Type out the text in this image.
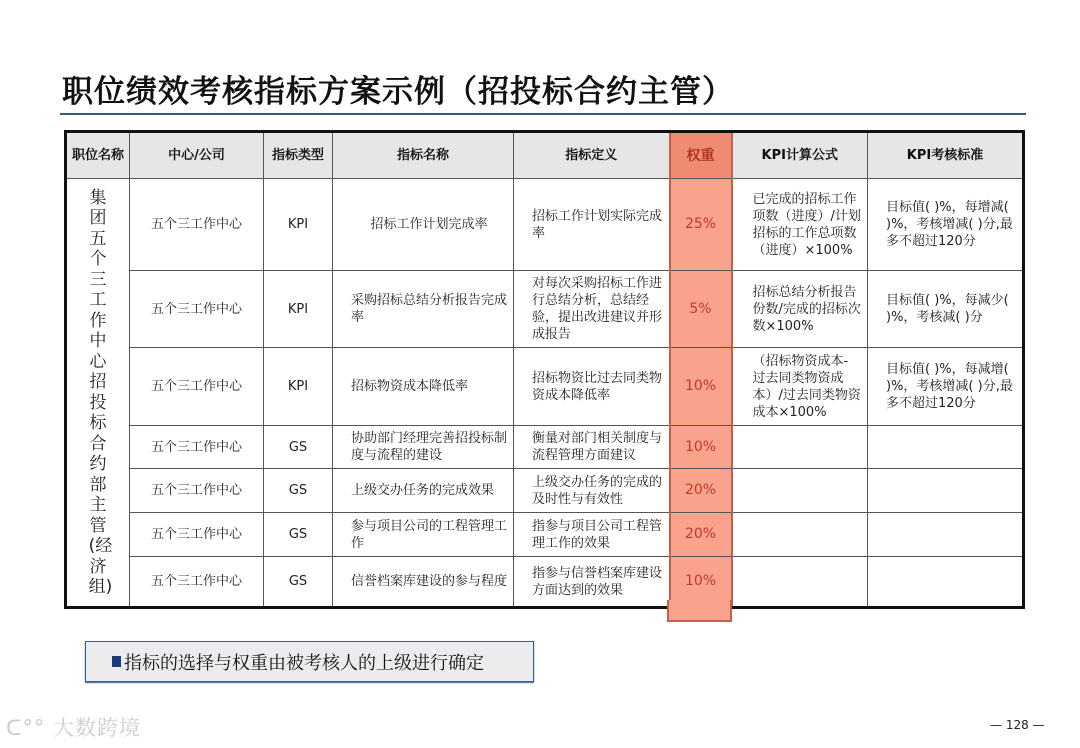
职位绩效考核指标方案示例（招投标合约主管）
职位名称	中心/公司	指标类型	指标名称	指标定义	权重	KPI计算公式	KPI考核标准

集团五个三工作中心招投标合约部主管(经济组)	五个三工作中心	KPI	招标工作计划完成率	招标工作计划实际完成率	25%	已完成的招标工作项数（进度）/计划招标的工作总项数（进度）×100%	目标值( )%，每增减( )%，考核增减( )分,最多不超过120分
	五个三工作中心	KPI	采购招标总结分析报告完成率	对每次采购招标工作进行总结分析，总结经验，提出改进建议并形成报告	5%	招标总结分析报告份数/完成的招标次数×100%	目标值( )%，每减少( )%，考核减( )分
	五个三工作中心	KPI	招标物资成本降低率	招标物资比过去同类物资成本降低率	10%	（招标物资成本-过去同类物资成本）/过去同类物资成本×100%	目标值( )%，每减增( )%，考核增减( )分,最多不超过120分
	五个三工作中心	GS	协助部门经理完善招投标制度与流程的建设	衡量对部门相关制度与流程管理方面建议	10%		
	五个三工作中心	GS	上级交办任务的完成效果	上级交办任务的完成的及时性与有效性	20%		
	五个三工作中心	GS	参与项目公司的工程管理工作	指参与项目公司工程管理工作的效果	20%		
	五个三工作中心	GS	信誉档案库建设的参与程度	指参与信誉档案库建设方面达到的效果	10%		
指标的选择与权重由被考核人的上级进行确定
ᑕ°° 大数跨境	— 128 —
